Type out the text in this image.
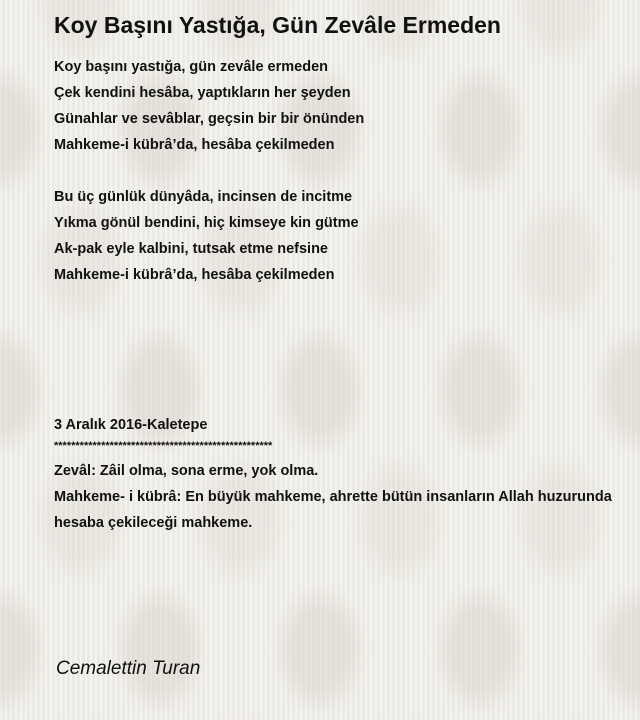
Koy Başını Yastığa, Gün Zevâle Ermeden
Koy başını yastığa, gün zevâle ermeden
Çek kendini hesâba, yaptıkların her şeyden
Günahlar ve sevâblar, geçsin bir bir önünden
Mahkeme-i kübrâ’da, hesâba çekilmeden
Bu üç günlük dünyâda, incinsen de incitme
Yıkma gönül bendini, hiç kimseye kin gütme
Ak-pak eyle kalbini, tutsak etme nefsine
Mahkeme-i kübrâ’da, hesâba çekilmeden
3 Aralık 2016-Kaletepe
***************************************************
Zevâl: Zâil olma, sona erme, yok olma.
Mahkeme- i kübrâ: En büyük mahkeme, ahrette bütün insanların Allah huzurunda hesaba çekileceği mahkeme.
Cemalettin Turan
